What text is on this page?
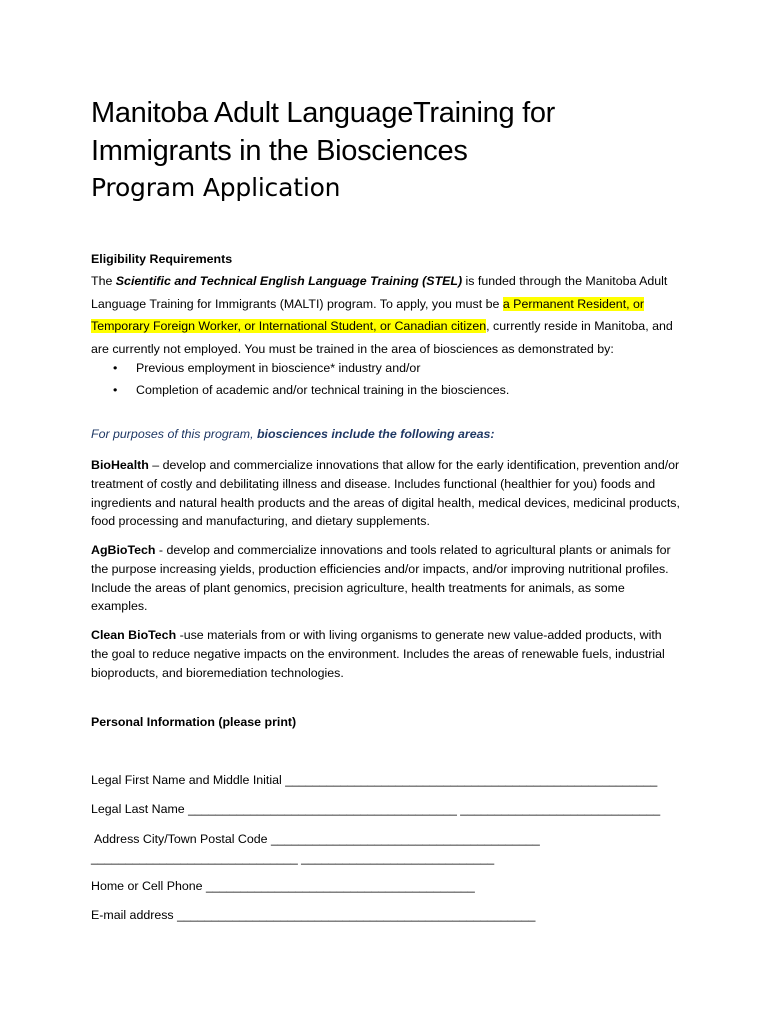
Manitoba Adult LanguageTraining for
Immigrants in the Biosciences
Program Application
Eligibility Requirements

The Scientific and Technical English Language Training (STEL) is funded through the Manitoba Adult Language Training for Immigrants (MALTI) program. To apply, you must be a Permanent Resident, or Temporary Foreign Worker, or International Student, or Canadian citizen, currently reside in Manitoba, and are currently not employed. You must be trained in the area of biosciences as demonstrated by:

• Previous employment in bioscience* industry and/or
• Completion of academic and/or technical training in the biosciences.

For purposes of this program, biosciences include the following areas:

BioHealth – develop and commercialize innovations that allow for the early identification, prevention and/or treatment of costly and debilitating illness and disease. Includes functional (healthier for you) foods and ingredients and natural health products and the areas of digital health, medical devices, medicinal products, food processing and manufacturing, and dietary supplements.

AgBioTech - develop and commercialize innovations and tools related to agricultural plants or animals for the purpose increasing yields, production efficiencies and/or impacts, and/or improving nutritional profiles. Include the areas of plant genomics, precision agriculture, health treatments for animals, as some examples.

Clean BioTech -use materials from or with living organisms to generate new value-added products, with the goal to reduce negative impacts on the environment. Includes the areas of renewable fuels, industrial bioproducts, and bioremediation technologies.

Personal Information (please print)
Legal First Name and Middle Initial ______________________________________________________
Legal Last Name _______________________________________ _____________________________
Address City/Town Postal Code _______________________________________
______________________________ ____________________________
Home or Cell Phone _______________________________________
E-mail address ____________________________________________________
